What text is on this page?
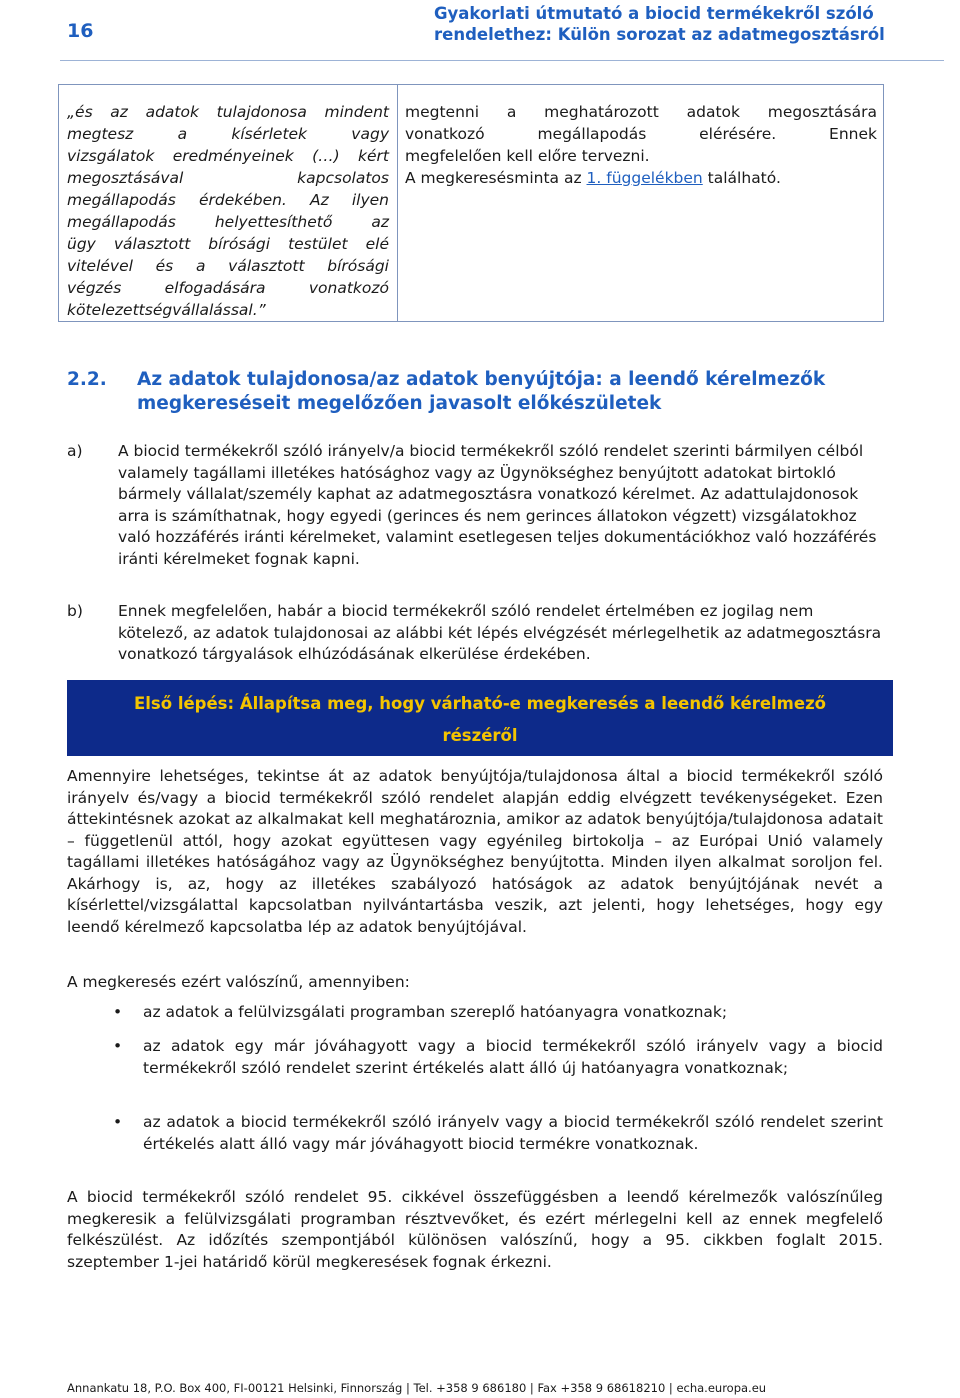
16
Gyakorlati útmutató a biocid termékekről szóló
rendelethez: Külön sorozat az adatmegosztásról
„és az adatok tulajdonosa mindent
megtesz a kísérletek vagy
vizsgálatok eredményeinek (…) kért
megosztásával kapcsolatos
megállapodás érdekében. Az ilyen
megállapodás helyettesíthető az
ügy választott bírósági testület elé
vitelével és a választott bírósági
végzés elfogadására vonatkozó
kötelezettségvállalással.”
megtenni a meghatározott adatok megosztására
vonatkozó megállapodás elérésére. Ennek
megfelelően kell előre tervezni.
A megkeresésminta az 1. függelékben található.
2.2. Az adatok tulajdonosa/az adatok benyújtója: a leendő kérelmezők megkereséseit megelőzően javasolt előkészületek
a) A biocid termékekről szóló irányelv/a biocid termékekről szóló rendelet szerinti bármilyen célból valamely tagállami illetékes hatósághoz vagy az Ügynökséghez benyújtott adatokat birtokló bármely vállalat/személy kaphat az adatmegosztásra vonatkozó kérelmet. Az adattulajdonosok arra is számíthatnak, hogy egyedi (gerinces és nem gerinces állatokon végzett) vizsgálatokhoz való hozzáférés iránti kérelmeket, valamint esetlegesen teljes dokumentációkhoz való hozzáférés iránti kérelmeket fognak kapni.
b) Ennek megfelelően, habár a biocid termékekről szóló rendelet értelmében ez jogilag nem kötelező, az adatok tulajdonosai az alábbi két lépés elvégzését mérlegelhetik az adatmegosztásra vonatkozó tárgyalások elhúzódásának elkerülése érdekében.
Első lépés: Állapítsa meg, hogy várható-e megkeresés a leendő kérelmező
részéről
Amennyire lehetséges, tekintse át az adatok benyújtója/tulajdonosa által a biocid termékekről szóló irányelv és/vagy a biocid termékekről szóló rendelet alapján eddig elvégzett tevékenységeket. Ezen áttekintésnek azokat az alkalmakat kell meghatároznia, amikor az adatok benyújtója/tulajdonosa adatait – függetlenül attól, hogy azokat együttesen vagy egyénileg birtokolja – az Európai Unió valamely tagállami illetékes hatóságához vagy az Ügynökséghez benyújtotta. Minden ilyen alkalmat soroljon fel. Akárhogy is, az, hogy az illetékes szabályozó hatóságok az adatok benyújtójának nevét a kísérlettel/vizsgálattal kapcsolatban nyilvántartásba veszik, azt jelenti, hogy lehetséges, hogy egy leendő kérelmező kapcsolatba lép az adatok benyújtójával.
A megkeresés ezért valószínű, amennyiben:
• az adatok a felülvizsgálati programban szereplő hatóanyagra vonatkoznak;
• az adatok egy már jóváhagyott vagy a biocid termékekről szóló irányelv vagy a biocid termékekről szóló rendelet szerint értékelés alatt álló új hatóanyagra vonatkoznak;
• az adatok a biocid termékekről szóló irányelv vagy a biocid termékekről szóló rendelet szerint értékelés alatt álló vagy már jóváhagyott biocid termékre vonatkoznak.
A biocid termékekről szóló rendelet 95. cikkével összefüggésben a leendő kérelmezők valószínűleg megkeresik a felülvizsgálati programban résztvevőket, és ezért mérlegelni kell az ennek megfelelő felkészülést. Az időzítés szempontjából különösen valószínű, hogy a 95. cikkben foglalt 2015. szeptember 1-jei határidő körül megkeresések fognak érkezni.
Annankatu 18, P.O. Box 400, FI-00121 Helsinki, Finnország | Tel. +358 9 686180 | Fax +358 9 68618210 | echa.europa.eu
